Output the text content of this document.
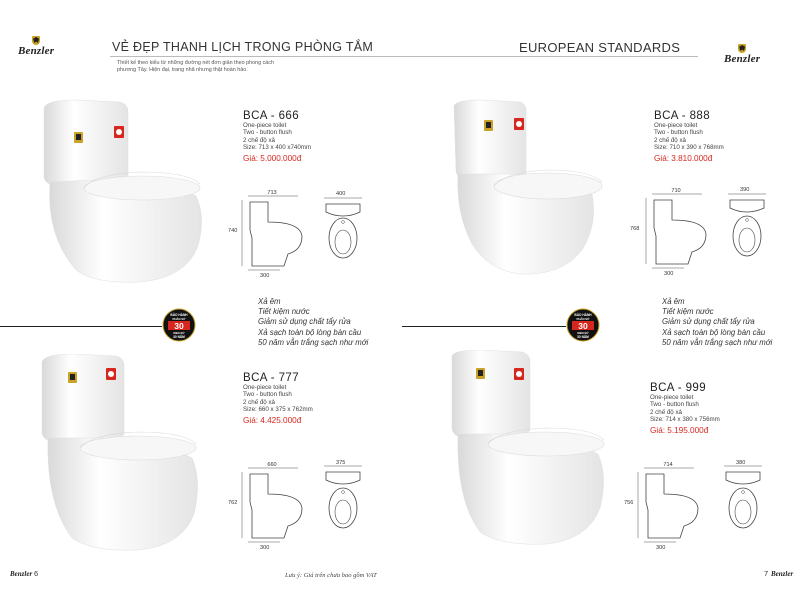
Benzler	VẺ ĐẸP THANH LỊCH TRONG PHÒNG TẮM
Thiết kế theo kiểu từ những đường nét đơn giản theo phong cách
phương Tây. Hiện đại, trang nhã nhưng thật hoàn hảo.
BCA - 666
One-piece toilet
Two - button flush
2 chế độ xả
Size: 713 x 400 x740mm
Giá: 5.000.000đ
713
740
300
400
BẢO HÀNH
PHÂN SỨ
30
MEN SỨ
30 NĂM
Xả êm
Tiết kiệm nước
Giảm sử dụng chất tẩy rửa
Xả sạch toàn bộ lòng bàn cầu
50 năm vẫn trắng sạch như mới
BCA - 777
One-piece toilet
Two - button flush
2 chế độ xả
Size: 660 x 375 x 762mm
Giá: 4.425.000đ
660
762
300
375
Benzler 6	Lưu ý: Giá trên chưa bao gồm VAT
EUROPEAN STANDARDS
Benzler
BCA - 888
One-piece toilet
Two - button flush
2 chế độ xả
Size: 710 x 390 x 768mm
Giá: 3.810.000đ
710
768
300
390
BẢO HÀNH
PHÂN SỨ
30
MEN SỨ
30 NĂM
Xả êm
Tiết kiệm nước
Giảm sử dụng chất tẩy rửa
Xả sạch toàn bộ lòng bàn cầu
50 năm vẫn trắng sạch như mới
BCA - 999
One-piece toilet
Two - button flush
2 chế độ xả
Size: 714 x 380 x 756mm
Giá: 5.195.000đ
714
756
300
380
7 Benzler
